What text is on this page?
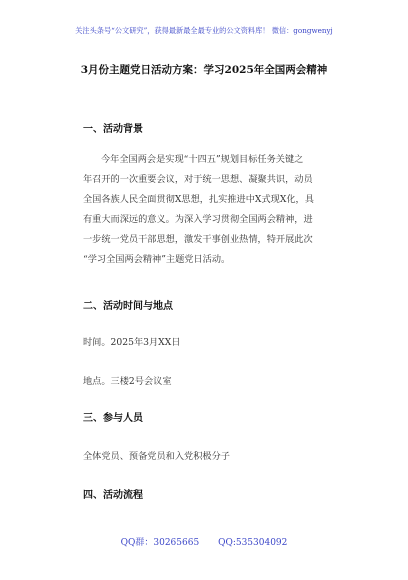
关注头条号“公文研究”，获得最新最全最专业的公文资料库！ 微信：gongwenyj
3月份主题党日活动方案：学习2025年全国两会精神
一、活动背景
今年全国两会是实现“十四五”规划目标任务关键之
年召开的一次重要会议，对于统一思想、凝聚共识，动员
全国各族人民全面贯彻X思想，扎实推进中X式现X化，具
有重大而深远的意义。为深入学习贯彻全国两会精神，进
一步统一党员干部思想，激发干事创业热情，特开展此次
“学习全国两会精神”主题党日活动。
二、活动时间与地点
时间。2025年3月XX日
地点。三楼2号会议室
三、参与人员
全体党员、预备党员和入党积极分子
四、活动流程
QQ群：30265665 QQ:535304092
